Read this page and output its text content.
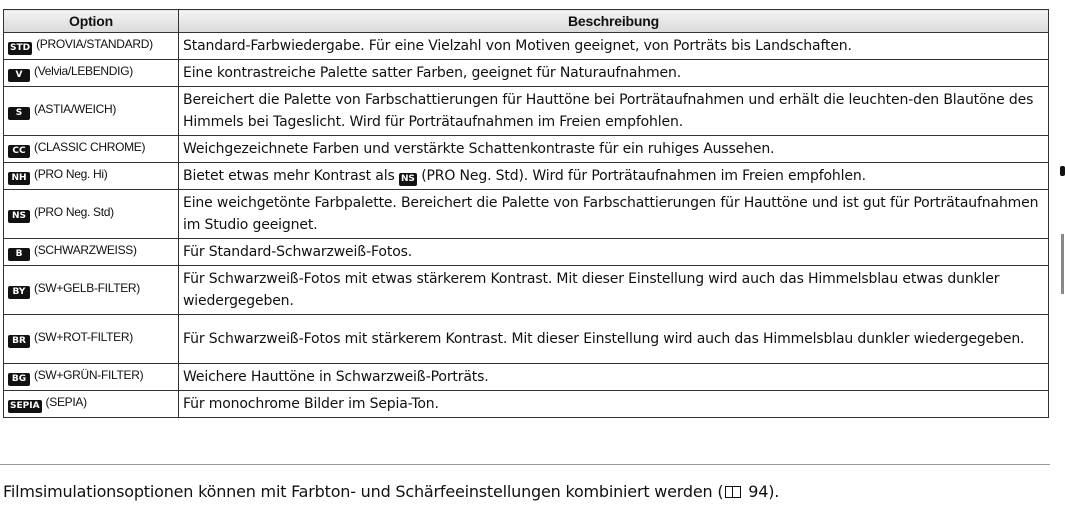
Option	Beschreibung
STD (PROVIA/STANDARD)	Standard-Farbwiedergabe. Für eine Vielzahl von Motiven geeignet, von Porträts bis Landschaften.
V (Velvia/LEBENDIG)	Eine kontrastreiche Palette satter Farben, geeignet für Naturaufnahmen.
S (ASTIA/WEICH)	Bereichert die Palette von Farbschattierungen für Hauttöne bei Porträtaufnahmen und erhält die leuchten-den Blautöne des Himmels bei Tageslicht. Wird für Porträtaufnahmen im Freien empfohlen.
CC (CLASSIC CHROME)	Weichgezeichnete Farben und verstärkte Schattenkontraste für ein ruhiges Aussehen.
NH (PRO Neg. Hi)	Bietet etwas mehr Kontrast als NS (PRO Neg. Std). Wird für Porträtaufnahmen im Freien empfohlen.
NS (PRO Neg. Std)	Eine weichgetönte Farbpalette. Bereichert die Palette von Farbschattierungen für Hauttöne und ist gut für Porträtaufnahmen im Studio geeignet.
B (SCHWARZWEISS)	Für Standard-Schwarzweiß-Fotos.
BY (SW+GELB-FILTER)	Für Schwarzweiß-Fotos mit etwas stärkerem Kontrast. Mit dieser Einstellung wird auch das Himmelsblau etwas dunkler wiedergegeben.
BR (SW+ROT-FILTER)	Für Schwarzweiß-Fotos mit stärkerem Kontrast. Mit dieser Einstellung wird auch das Himmelsblau dunkler wiedergegeben.
BG (SW+GRÜN-FILTER)	Weichere Hauttöne in Schwarzweiß-Porträts.
SEPIA (SEPIA)	Für monochrome Bilder im Sepia-Ton.
Filmsimulationsoptionen können mit Farbton- und Schärfeeinstellungen kombiniert werden ( 94).
